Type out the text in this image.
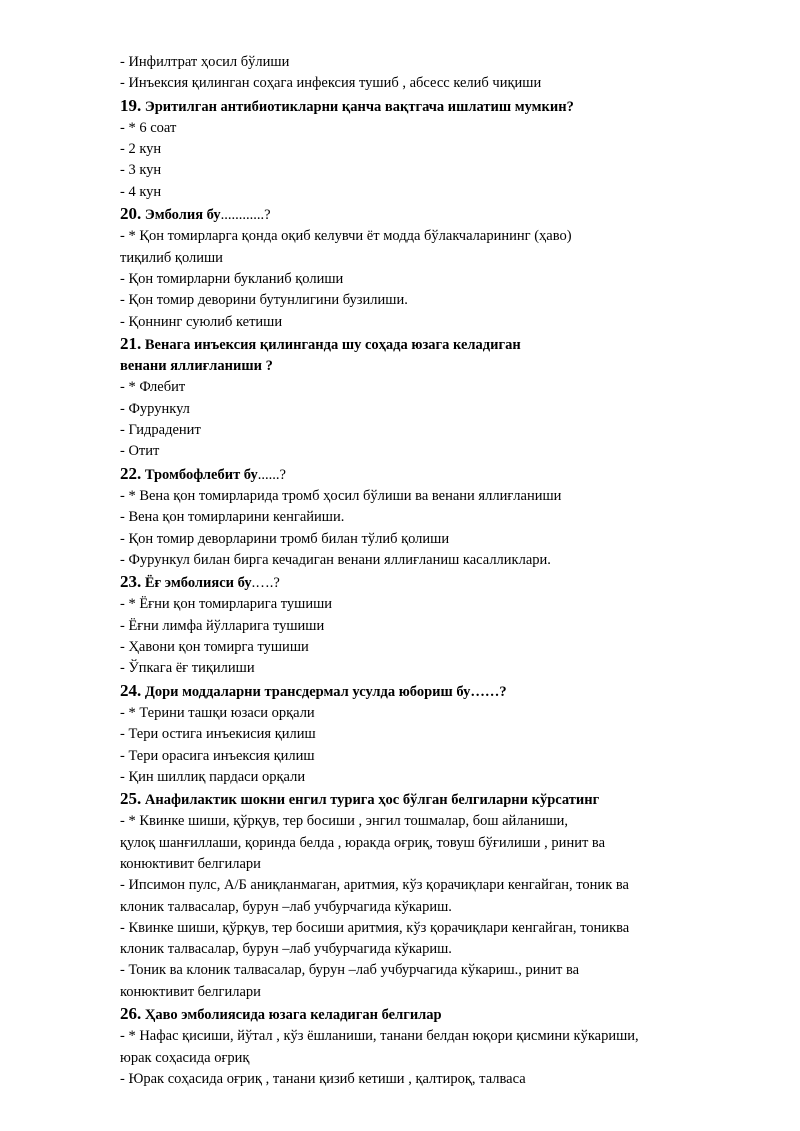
- Инфилтрат ҳосил бўлиши

- Инъексия қилинган соҳага инфексия тушиб , абсесс келиб чиқиши

19. Эритилган антибиотикларни қанча вақтгача ишлатиш мумкин?

- * 6 соат

- 2 кун

- 3 кун

- 4 кун

20. Эмболия бу............?

- * Қон томирларга қонда оқиб келувчи ёт модда бўлакчаларининг (ҳаво)

тиқилиб қолиши

- Қон томирларни букланиб қолиши

- Қон томир деворини бутунлигини бузилиши.

- Қоннинг суюлиб кетиши

21. Венага инъексия қилинганда шу соҳада юзага келадиган

венани яллиғланиши ?

- * Флебит

- Фурункул

- Гидраденит

- Отит

22. Тромбофлебит бу......?

- * Вена қон томирларида тромб ҳосил бўлиши ва венани яллиғланиши

- Вена қон томирларини кенгайиши.

- Қон томир деворларини тромб билан тўлиб қолиши

- Фурункул билан бирга кечадиган венани яллиғланиш касалликлари.

23. Ёғ эмболияси бу.….?

- * Ёғни қон томирларига тушиши

- Ёғни лимфа йўлларига тушиши

- Ҳавони қон томирга тушиши

- Ўпкага ёғ тиқилиши

24. Дори моддаларни трансдермал усулда юбориш бу……?

- * Терини ташқи юзаси орқали

- Тери остига инъекисия қилиш

- Тери орасига инъексия қилиш

- Қин шиллиқ пардаси орқали

25. Анафилактик шокни енгил турига ҳос бўлган белгиларни кўрсатинг

- * Квинке шиши, қўрқув, тер босиши , энгил тошмалар, бош айланиши,

қулоқ шанғиллаши, қоринда белда , юракда оғриқ, товуш бўғилиши , ринит ва

конюктивит белгилари

- Ипсимон пулс, А/Б аниқланмаган, аритмия, кўз қорачиқлари кенгайган, тоник ва

клоник талвасалар, бурун –лаб учбурчагида кўкариш.

- Квинке шиши, қўрқув, тер босиши аритмия, кўз қорачиқлари кенгайган, тониква

клоник талвасалар, бурун –лаб учбурчагида кўкариш.

- Тоник ва клоник талвасалар, бурун –лаб учбурчагида кўкариш., ринит ва

конюктивит белгилари

26. Ҳаво эмболиясида юзага келадиган белгилар

- * Нафас қисиши, йўтал , кўз ёшланиши, танани белдан юқори қисмини кўкариши,

юрак соҳасида оғриқ

- Юрак соҳасида оғриқ , танани қизиб кетиши , қалтироқ, талваса
